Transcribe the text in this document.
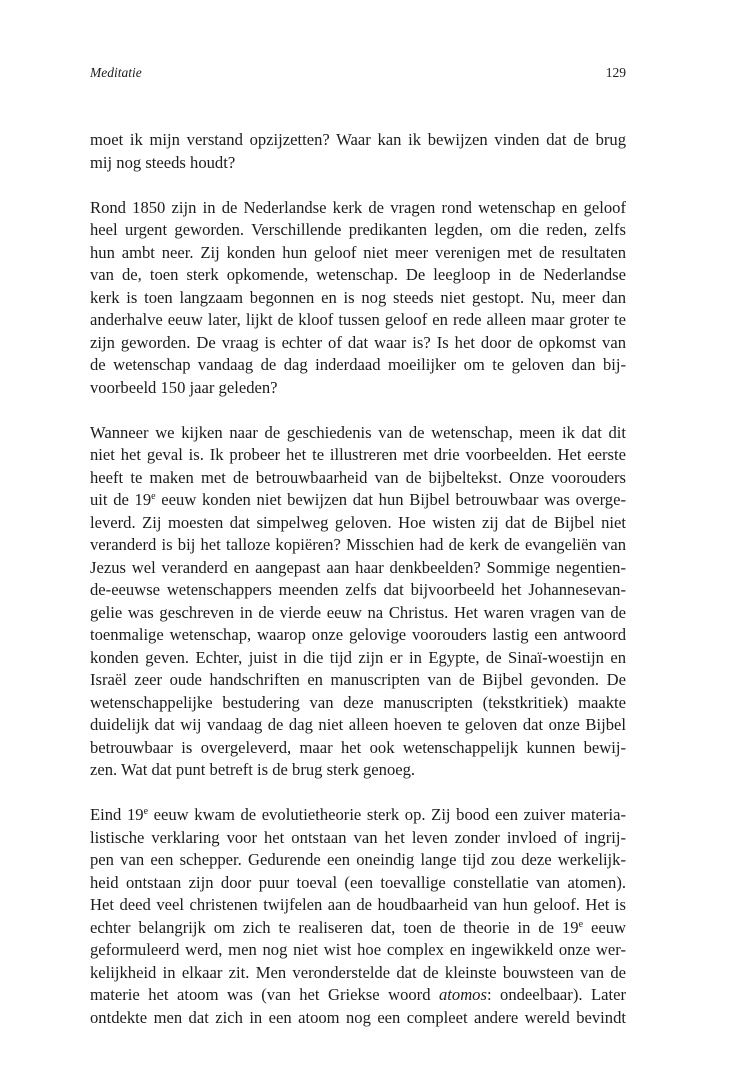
Meditatie	129

moet ik mijn verstand opzijzetten? Waar kan ik bewijzen vinden dat de brug
mij nog steeds houdt?

Rond 1850 zijn in de Nederlandse kerk de vragen rond wetenschap en geloof
heel urgent geworden. Verschillende predikanten legden, om die reden, zelfs
hun ambt neer. Zij konden hun geloof niet meer verenigen met de resultaten
van de, toen sterk opkomende, wetenschap. De leegloop in de Nederlandse
kerk is toen langzaam begonnen en is nog steeds niet gestopt. Nu, meer dan
anderhalve eeuw later, lijkt de kloof tussen geloof en rede alleen maar groter te
zijn geworden. De vraag is echter of dat waar is? Is het door de opkomst van
de wetenschap vandaag de dag inderdaad moeilijker om te geloven dan bij-
voorbeeld 150 jaar geleden?

Wanneer we kijken naar de geschiedenis van de wetenschap, meen ik dat dit
niet het geval is. Ik probeer het te illustreren met drie voorbeelden. Het eerste
heeft te maken met de betrouwbaarheid van de bijbeltekst. Onze voorouders
uit de 19e eeuw konden niet bewijzen dat hun Bijbel betrouwbaar was overge-
leverd. Zij moesten dat simpelweg geloven. Hoe wisten zij dat de Bijbel niet
veranderd is bij het talloze kopiëren? Misschien had de kerk de evangeliën van
Jezus wel veranderd en aangepast aan haar denkbeelden? Sommige negentien-
de-eeuwse wetenschappers meenden zelfs dat bijvoorbeeld het Johannesevan-
gelie was geschreven in de vierde eeuw na Christus. Het waren vragen van de
toenmalige wetenschap, waarop onze gelovige voorouders lastig een antwoord
konden geven. Echter, juist in die tijd zijn er in Egypte, de Sinaï-woestijn en
Israël zeer oude handschriften en manuscripten van de Bijbel gevonden. De
wetenschappelijke bestudering van deze manuscripten (tekstkritiek) maakte
duidelijk dat wij vandaag de dag niet alleen hoeven te geloven dat onze Bijbel
betrouwbaar is overgeleverd, maar het ook wetenschappelijk kunnen bewij-
zen. Wat dat punt betreft is de brug sterk genoeg.

Eind 19e eeuw kwam de evolutietheorie sterk op. Zij bood een zuiver materia-
listische verklaring voor het ontstaan van het leven zonder invloed of ingrij-
pen van een schepper. Gedurende een oneindig lange tijd zou deze werkelijk-
heid ontstaan zijn door puur toeval (een toevallige constellatie van atomen).
Het deed veel christenen twijfelen aan de houdbaarheid van hun geloof. Het is
echter belangrijk om zich te realiseren dat, toen de theorie in de 19e eeuw
geformuleerd werd, men nog niet wist hoe complex en ingewikkeld onze wer-
kelijkheid in elkaar zit. Men veronderstelde dat de kleinste bouwsteen van de
materie het atoom was (van het Griekse woord atomos: ondeelbaar). Later
ontdekte men dat zich in een atoom nog een compleet andere wereld bevindt
